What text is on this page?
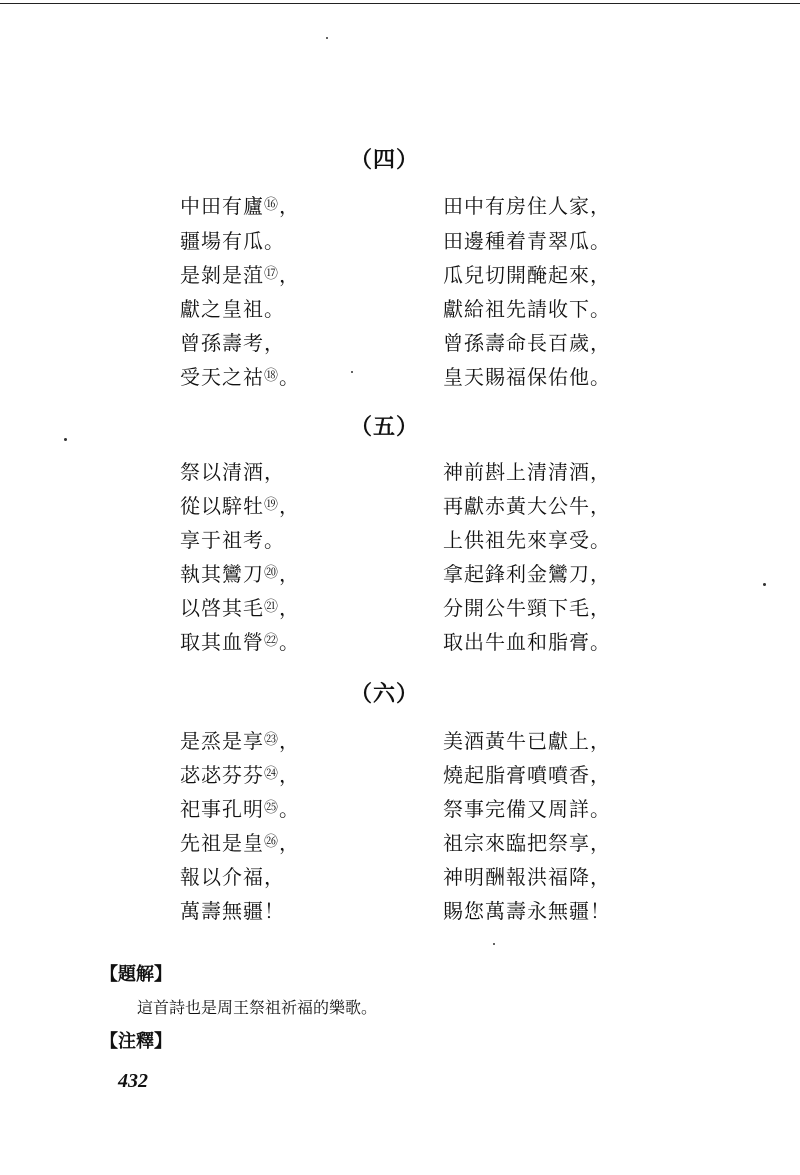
（四）
中田有廬⑯，	田中有房住人家，
疆場有瓜。	田邊種着青翠瓜。
是剝是菹⑰，	瓜兒切開醃起來，
獻之皇祖。	獻給祖先請收下。
曾孫壽考，	曾孫壽命長百歲，
受天之祜⑱。	皇天賜福保佑他。
（五）
祭以清酒，	神前斟上清清酒，
從以騂牡⑲，	再獻赤黃大公牛，
享于祖考。	上供祖先來享受。
執其鸞刀⑳，	拿起鋒利金鸞刀，
以啓其毛$^㉑$，	分開公牛頸下毛，
取其血膋$^㉒$。	取出牛血和脂膏。
（六）
是烝是享$^㉓$，	美酒黃牛已獻上，
苾苾芬芬$^㉔$，	燒起脂膏噴噴香，
祀事孔明$^㉕$。	祭事完備又周詳。
先祖是皇$^㉖$，	祖宗來臨把祭享，
報以介福，	神明酬報洪福降，
萬壽無疆！	賜您萬壽永無疆！
【題解】
這首詩也是周王祭祖祈福的樂歌。
【注釋】
432
